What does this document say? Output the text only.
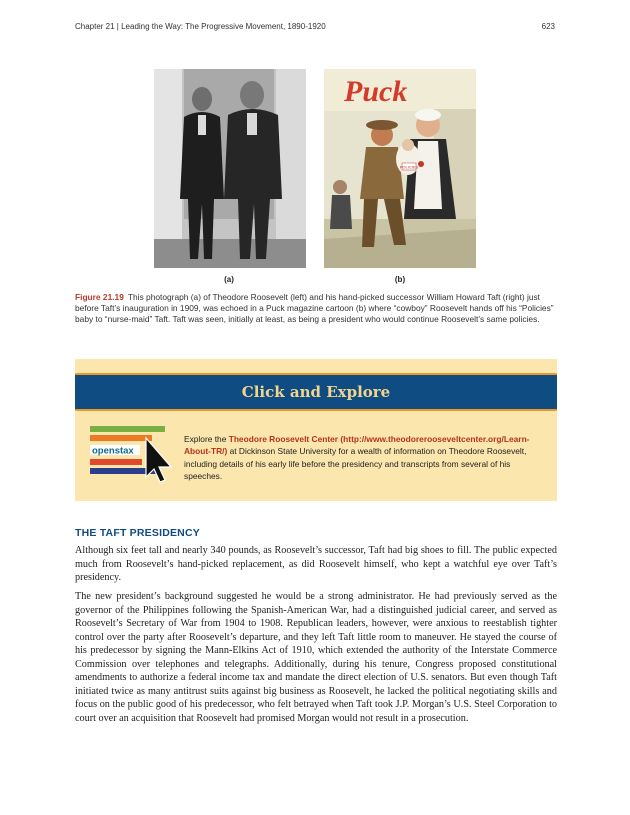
Chapter 21 | Leading the Way: The Progressive Movement, 1890-1920	623
POLICIES
Puck
(a)	(b)
Figure 21.19 This photograph (a) of Theodore Roosevelt (left) and his hand-picked successor William Howard Taft (right) just before Taft’s inauguration in 1909, was echoed in a Puck magazine cartoon (b) where “cowboy” Roosevelt hands off his “Policies” baby to “nurse-maid” Taft. Taft was seen, initially at least, as being a president who would continue Roosevelt’s same policies.
Click and Explore
openstax
Explore the Theodore Roosevelt Center (http://www.theodorerooseveltcenter.org/Learn-About-TR/) at Dickinson State University for a wealth of information on Theodore Roosevelt, including details of his early life before the presidency and transcripts from several of his speeches.
THE TAFT PRESIDENCY
Although six feet tall and nearly 340 pounds, as Roosevelt’s successor, Taft had big shoes to fill. The public expected much from Roosevelt’s hand-picked replacement, as did Roosevelt himself, who kept a watchful eye over Taft’s presidency.
The new president’s background suggested he would be a strong administrator. He had previously served as the governor of the Philippines following the Spanish-American War, had a distinguished judicial career, and served as Roosevelt’s Secretary of War from 1904 to 1908. Republican leaders, however, were anxious to reestablish tighter control over the party after Roosevelt’s departure, and they left Taft little room to maneuver. He stayed the course of his predecessor by signing the Mann-Elkins Act of 1910, which extended the authority of the Interstate Commerce Commission over telephones and telegraphs. Additionally, during his tenure, Congress proposed constitutional amendments to authorize a federal income tax and mandate the direct election of U.S. senators. But even though Taft initiated twice as many antitrust suits against big business as Roosevelt, he lacked the political negotiating skills and focus on the public good of his predecessor, who felt betrayed when Taft took J.P. Morgan’s U.S. Steel Corporation to court over an acquisition that Roosevelt had promised Morgan would not result in a prosecution.
